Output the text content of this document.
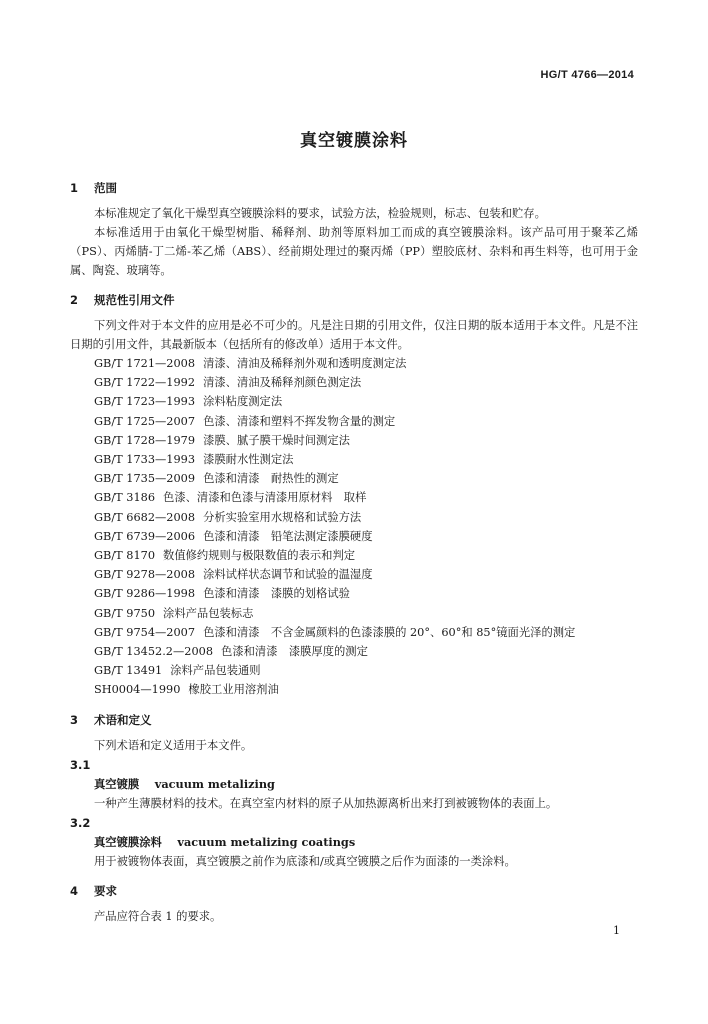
HG/T 4766—2014
真空镀膜涂料
1	范围

本标准规定了氧化干燥型真空镀膜涂料的要求，试验方法，检验规则，标志、包装和贮存。

本标准适用于由氧化干燥型树脂、稀释剂、助剂等原料加工而成的真空镀膜涂料。该产品可用于聚苯乙烯（PS）、丙烯腈-丁二烯-苯乙烯（ABS）、经前期处理过的聚丙烯（PP）塑胶底材、杂料和再生料等，也可用于金属、陶瓷、玻璃等。

2	规范性引用文件

下列文件对于本文件的应用是必不可少的。凡是注日期的引用文件，仅注日期的版本适用于本文件。凡是不注日期的引用文件，其最新版本（包括所有的修改单）适用于本文件。

GB/T 1721—2008 清漆、清油及稀释剂外观和透明度测定法
GB/T 1722—1992 清漆、清油及稀释剂颜色测定法
GB/T 1723—1993 涂料粘度测定法
GB/T 1725—2007 色漆、清漆和塑料不挥发物含量的测定
GB/T 1728—1979 漆膜、腻子膜干燥时间测定法
GB/T 1733—1993 漆膜耐水性测定法
GB/T 1735—2009 色漆和清漆　耐热性的测定
GB/T 3186 色漆、清漆和色漆与清漆用原材料　取样
GB/T 6682—2008 分析实验室用水规格和试验方法
GB/T 6739—2006 色漆和清漆　铅笔法测定漆膜硬度
GB/T 8170 数值修约规则与极限数值的表示和判定
GB/T 9278—2008 涂料试样状态调节和试验的温湿度
GB/T 9286—1998 色漆和清漆　漆膜的划格试验
GB/T 9750 涂料产品包装标志
GB/T 9754—2007 色漆和清漆　不含金属颜料的色漆漆膜的 20°、60°和 85°镜面光泽的测定
GB/T 13452.2—2008 色漆和清漆　漆膜厚度的测定
GB/T 13491 涂料产品包装通则
SH0004—1990 橡胶工业用溶剂油
3	术语和定义

下列术语和定义适用于本文件。

3.1
真空镀膜 vacuum metalizing

一种产生薄膜材料的技术。在真空室内材料的原子从加热源离析出来打到被镀物体的表面上。

3.2
真空镀膜涂料 vacuum metalizing coatings

用于被镀物体表面，真空镀膜之前作为底漆和/或真空镀膜之后作为面漆的一类涂料。

4	要求

产品应符合表 1 的要求。

1
